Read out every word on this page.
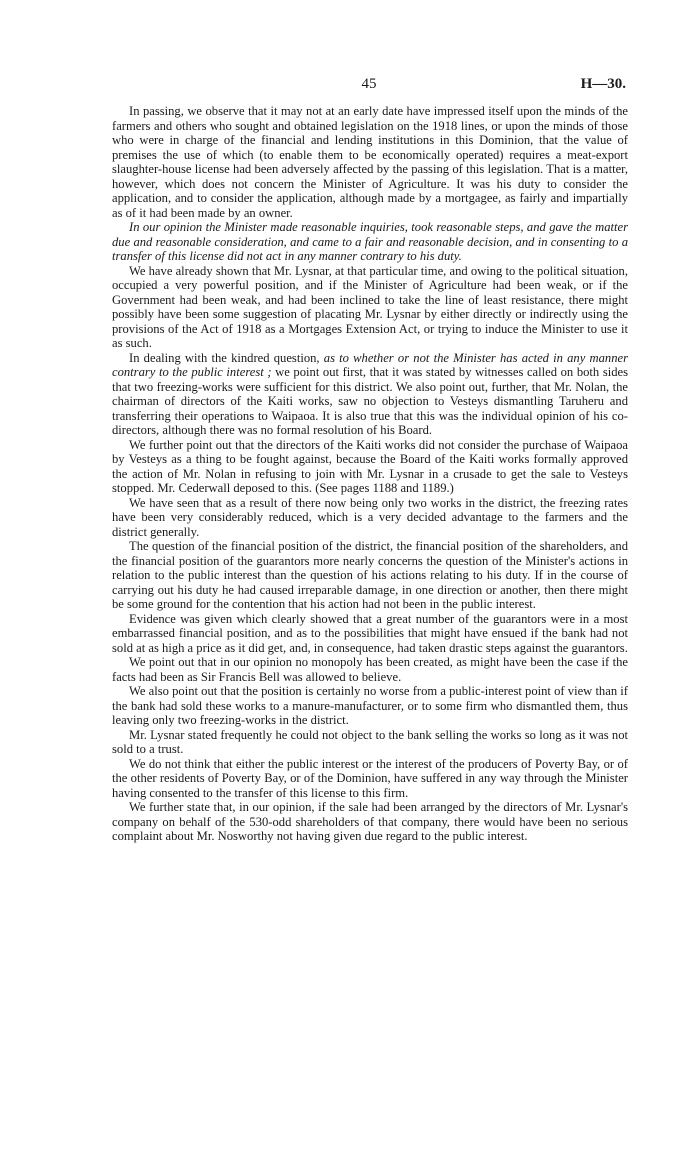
45	H—30.

In passing, we observe that it may not at an early date have impressed itself upon the minds of the farmers and others who sought and obtained legislation on the 1918 lines, or upon the minds of those who were in charge of the financial and lending institutions in this Dominion, that the value of premises the use of which (to enable them to be economically operated) requires a meat-export slaughter-house license had been adversely affected by the passing of this legislation. That is a matter, however, which does not concern the Minister of Agriculture. It was his duty to consider the application, and to consider the application, although made by a mortgagee, as fairly and impartially as of it had been made by an owner.

In our opinion the Minister made reasonable inquiries, took reasonable steps, and gave the matter due and reasonable consideration, and came to a fair and reasonable decision, and in consenting to a transfer of this license did not act in any manner contrary to his duty.

We have already shown that Mr. Lysnar, at that particular time, and owing to the political situation, occupied a very powerful position, and if the Minister of Agriculture had been weak, or if the Government had been weak, and had been inclined to take the line of least resistance, there might possibly have been some suggestion of placating Mr. Lysnar by either directly or indirectly using the provisions of the Act of 1918 as a Mortgages Extension Act, or trying to induce the Minister to use it as such.

In dealing with the kindred question, as to whether or not the Minister has acted in any manner contrary to the public interest ; we point out first, that it was stated by witnesses called on both sides that two freezing-works were sufficient for this district. We also point out, further, that Mr. Nolan, the chairman of directors of the Kaiti works, saw no objection to Vesteys dismantling Taruheru and transferring their operations to Waipaoa. It is also true that this was the individual opinion of his co-directors, although there was no formal resolution of his Board.

We further point out that the directors of the Kaiti works did not consider the purchase of Waipaoa by Vesteys as a thing to be fought against, because the Board of the Kaiti works formally approved the action of Mr. Nolan in refusing to join with Mr. Lysnar in a crusade to get the sale to Vesteys stopped. Mr. Cederwall deposed to this. (See pages 1188 and 1189.)

We have seen that as a result of there now being only two works in the district, the freezing rates have been very considerably reduced, which is a very decided advantage to the farmers and the district generally.

The question of the financial position of the district, the financial position of the shareholders, and the financial position of the guarantors more nearly concerns the question of the Minister's actions in relation to the public interest than the question of his actions relating to his duty. If in the course of carrying out his duty he had caused irreparable damage, in one direction or another, then there might be some ground for the contention that his action had not been in the public interest.

Evidence was given which clearly showed that a great number of the guarantors were in a most embarrassed financial position, and as to the possibilities that might have ensued if the bank had not sold at as high a price as it did get, and, in consequence, had taken drastic steps against the guarantors.

We point out that in our opinion no monopoly has been created, as might have been the case if the facts had been as Sir Francis Bell was allowed to believe.

We also point out that the position is certainly no worse from a public-interest point of view than if the bank had sold these works to a manure-manufacturer, or to some firm who dismantled them, thus leaving only two freezing-works in the district.

Mr. Lysnar stated frequently he could not object to the bank selling the works so long as it was not sold to a trust.

We do not think that either the public interest or the interest of the producers of Poverty Bay, or of the other residents of Poverty Bay, or of the Dominion, have suffered in any way through the Minister having consented to the transfer of this license to this firm.

We further state that, in our opinion, if the sale had been arranged by the directors of Mr. Lysnar's company on behalf of the 530-odd shareholders of that company, there would have been no serious complaint about Mr. Nosworthy not having given due regard to the public interest.
